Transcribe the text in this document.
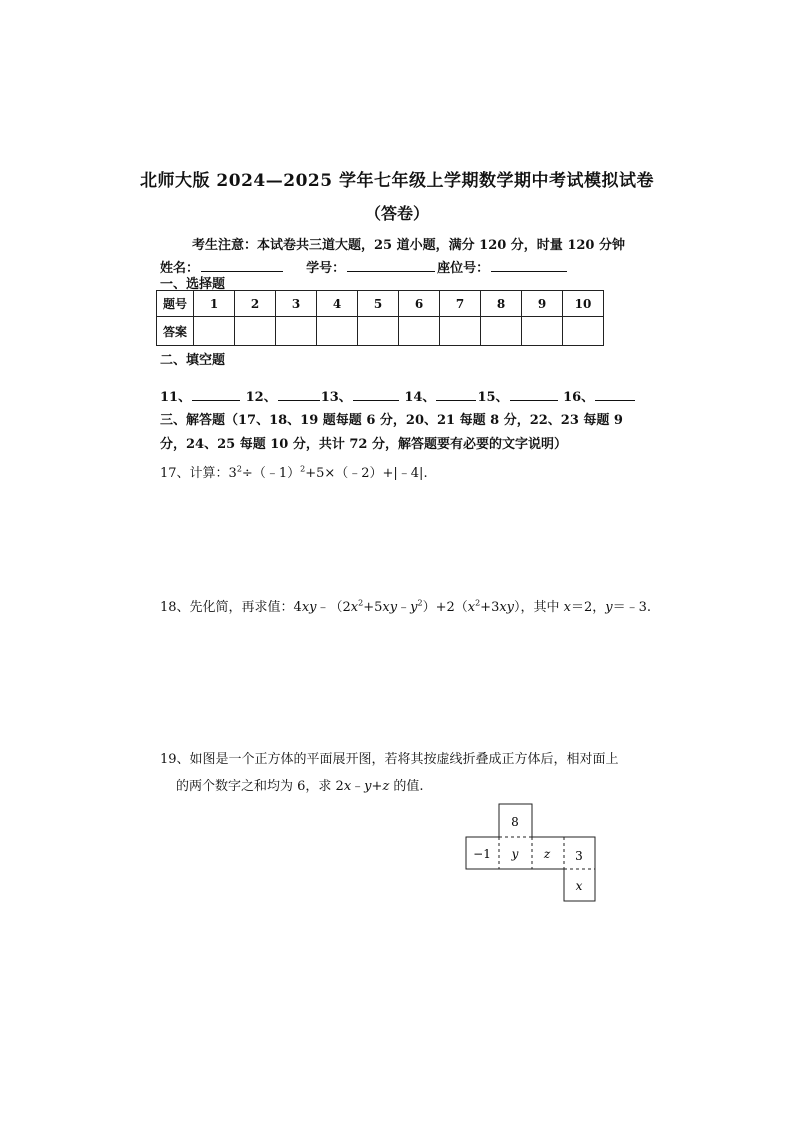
北师大版 2024—2025 学年七年级上学期数学期中考试模拟试卷
（答卷）
考生注意：本试卷共三道大题，25 道小题，满分 120 分，时量 120 分钟
姓名：	学号：	座位号：
一、选择题
题号	1	2	3	4	5	6	7	8	9	10
答案										
二、填空题
11、	12、	13、	14、	15、	16、
三、解答题（17、18、19 题每题 6 分，20、21 每题 8 分，22、23 每题 9 分，24、25 每题 10 分，共计 72 分，解答题要有必要的文字说明）
17、计算：$3^2\div(﹣1)^2+5\times(﹣2)+|﹣4|$.
18、先化简，再求值：$4xy﹣(2x^2+5xy﹣y^2)+2(x^2+3xy)$，其中 x＝2，y＝﹣3.
19、如图是一个正方体的平面展开图，若将其按虚线折叠成正方体后，相对面上
的两个数字之和均为 6，求 2x﹣y+z 的值.
8
−1 y z 3
x
